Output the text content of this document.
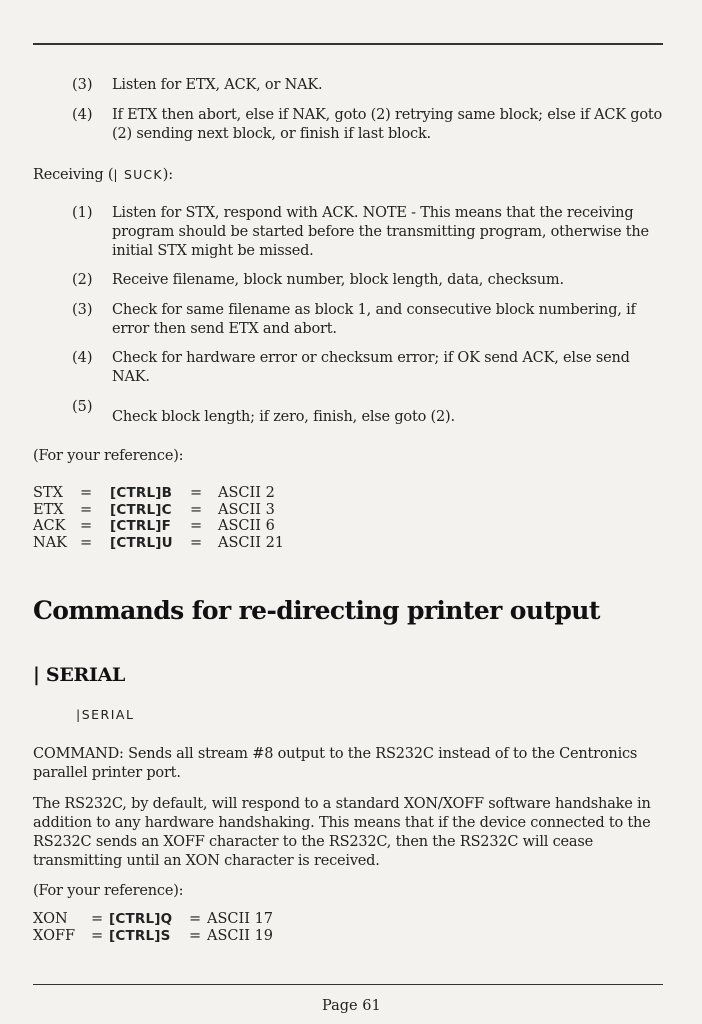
(3) Listen for ETX, ACK, or NAK.
(4) If ETX then abort, else if NAK, goto (2) retrying same block; else if ACK goto (2) sending next block, or finish if last block.
Receiving (| SUCK):
(1) Listen for STX, respond with ACK. NOTE - This means that the receiving program should be started before the transmitting program, otherwise the initial STX might be missed.
(2) Receive filename, block number, block length, data, checksum.
(3) Check for same filename as block 1, and consecutive block numbering, if error then send ETX and abort.
(4) Check for hardware error or checksum error; if OK send ACK, else send NAK.
(5)
Check block length; if zero, finish, else goto (2).
(For your reference):
STX	=	[CTRL]B	=	ASCII 2
ETX	=	[CTRL]C	=	ASCII 3
ACK	=	[CTRL]F	=	ASCII 6
NAK	=	[CTRL]U	=	ASCII 21
Commands for re-directing printer output
| SERIAL
|SERIAL
COMMAND: Sends all stream #8 output to the RS232C instead of to the Centronics parallel printer port.
The RS232C, by default, will respond to a standard XON/XOFF software handshake in addition to any hardware handshaking. This means that if the device connected to the RS232C sends an XOFF character to the RS232C, then the RS232C will cease transmitting until an XON character is received.
(For your reference):
XON	=	[CTRL]Q	=	ASCII 17
XOFF	=	[CTRL]S	=	ASCII 19
Page 61
